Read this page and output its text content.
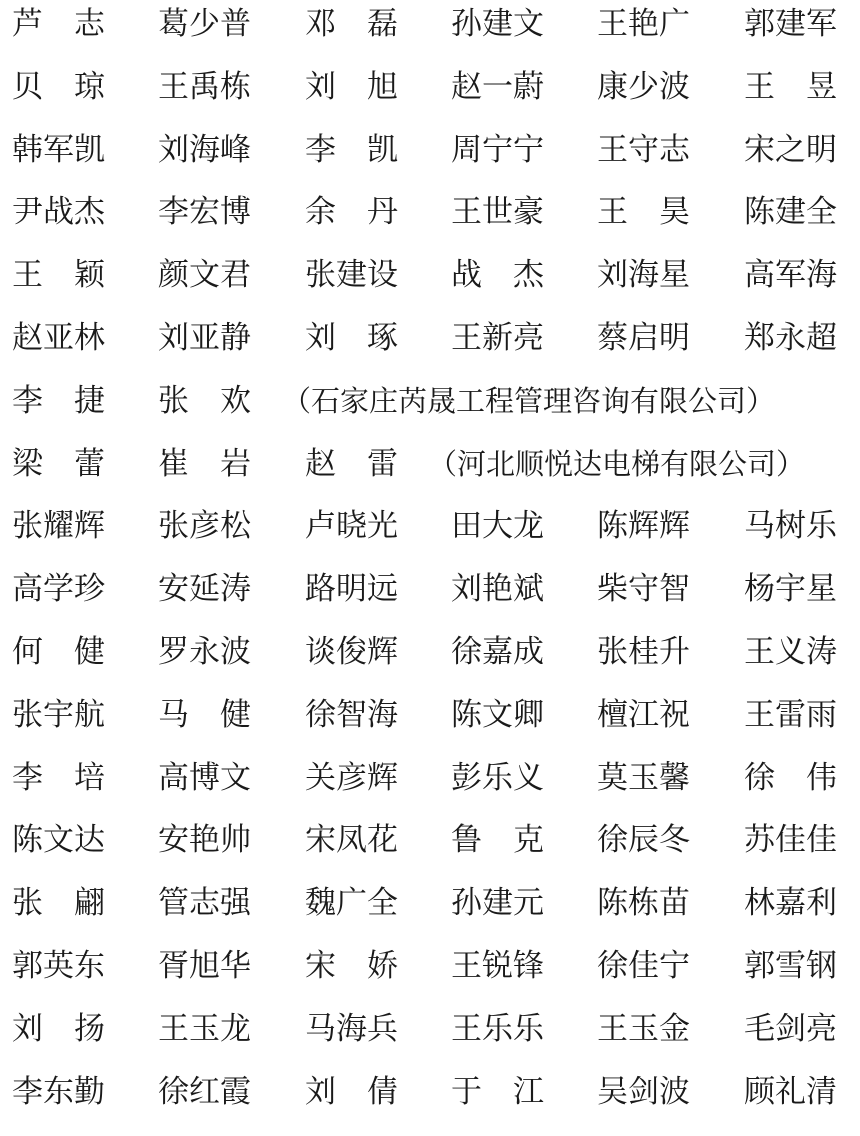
芦　志 葛少普 邓　磊 孙建文 王艳广 郭建军
贝　琼 王禹栋 刘　旭 赵一蔚 康少波 王　昱
韩军凯 刘海峰 李　凯 周宁宁 王守志 宋之明
尹战杰 李宏博 余　丹 王世豪 王　昊 陈建全
王　颖 颜文君 张建设 战　杰 刘海星 高军海
赵亚林 刘亚静 刘　琢 王新亮 蔡启明 郑永超
李　捷 张　欢 （石家庄芮晟工程管理咨询有限公司）
梁　蕾 崔　岩 赵　雷 （河北顺悦达电梯有限公司）
张耀辉 张彦松 卢晓光 田大龙 陈辉辉 马树乐
高学珍 安延涛 路明远 刘艳斌 柴守智 杨宇星
何　健 罗永波 谈俊辉 徐嘉成 张桂升 王义涛
张宇航 马　健 徐智海 陈文卿 檀江祝 王雷雨
李　培 高博文 关彦辉 彭乐义 莫玉馨 徐　伟
陈文达 安艳帅 宋凤花 鲁　克 徐辰冬 苏佳佳
张　翩 管志强 魏广全 孙建元 陈栋苗 林嘉利
郭英东 胥旭华 宋　娇 王锐锋 徐佳宁 郭雪钢
刘　扬 王玉龙 马海兵 王乐乐 王玉金 毛剑亮
李东勤 徐红霞 刘　倩 于　江 吴剑波 顾礼清
